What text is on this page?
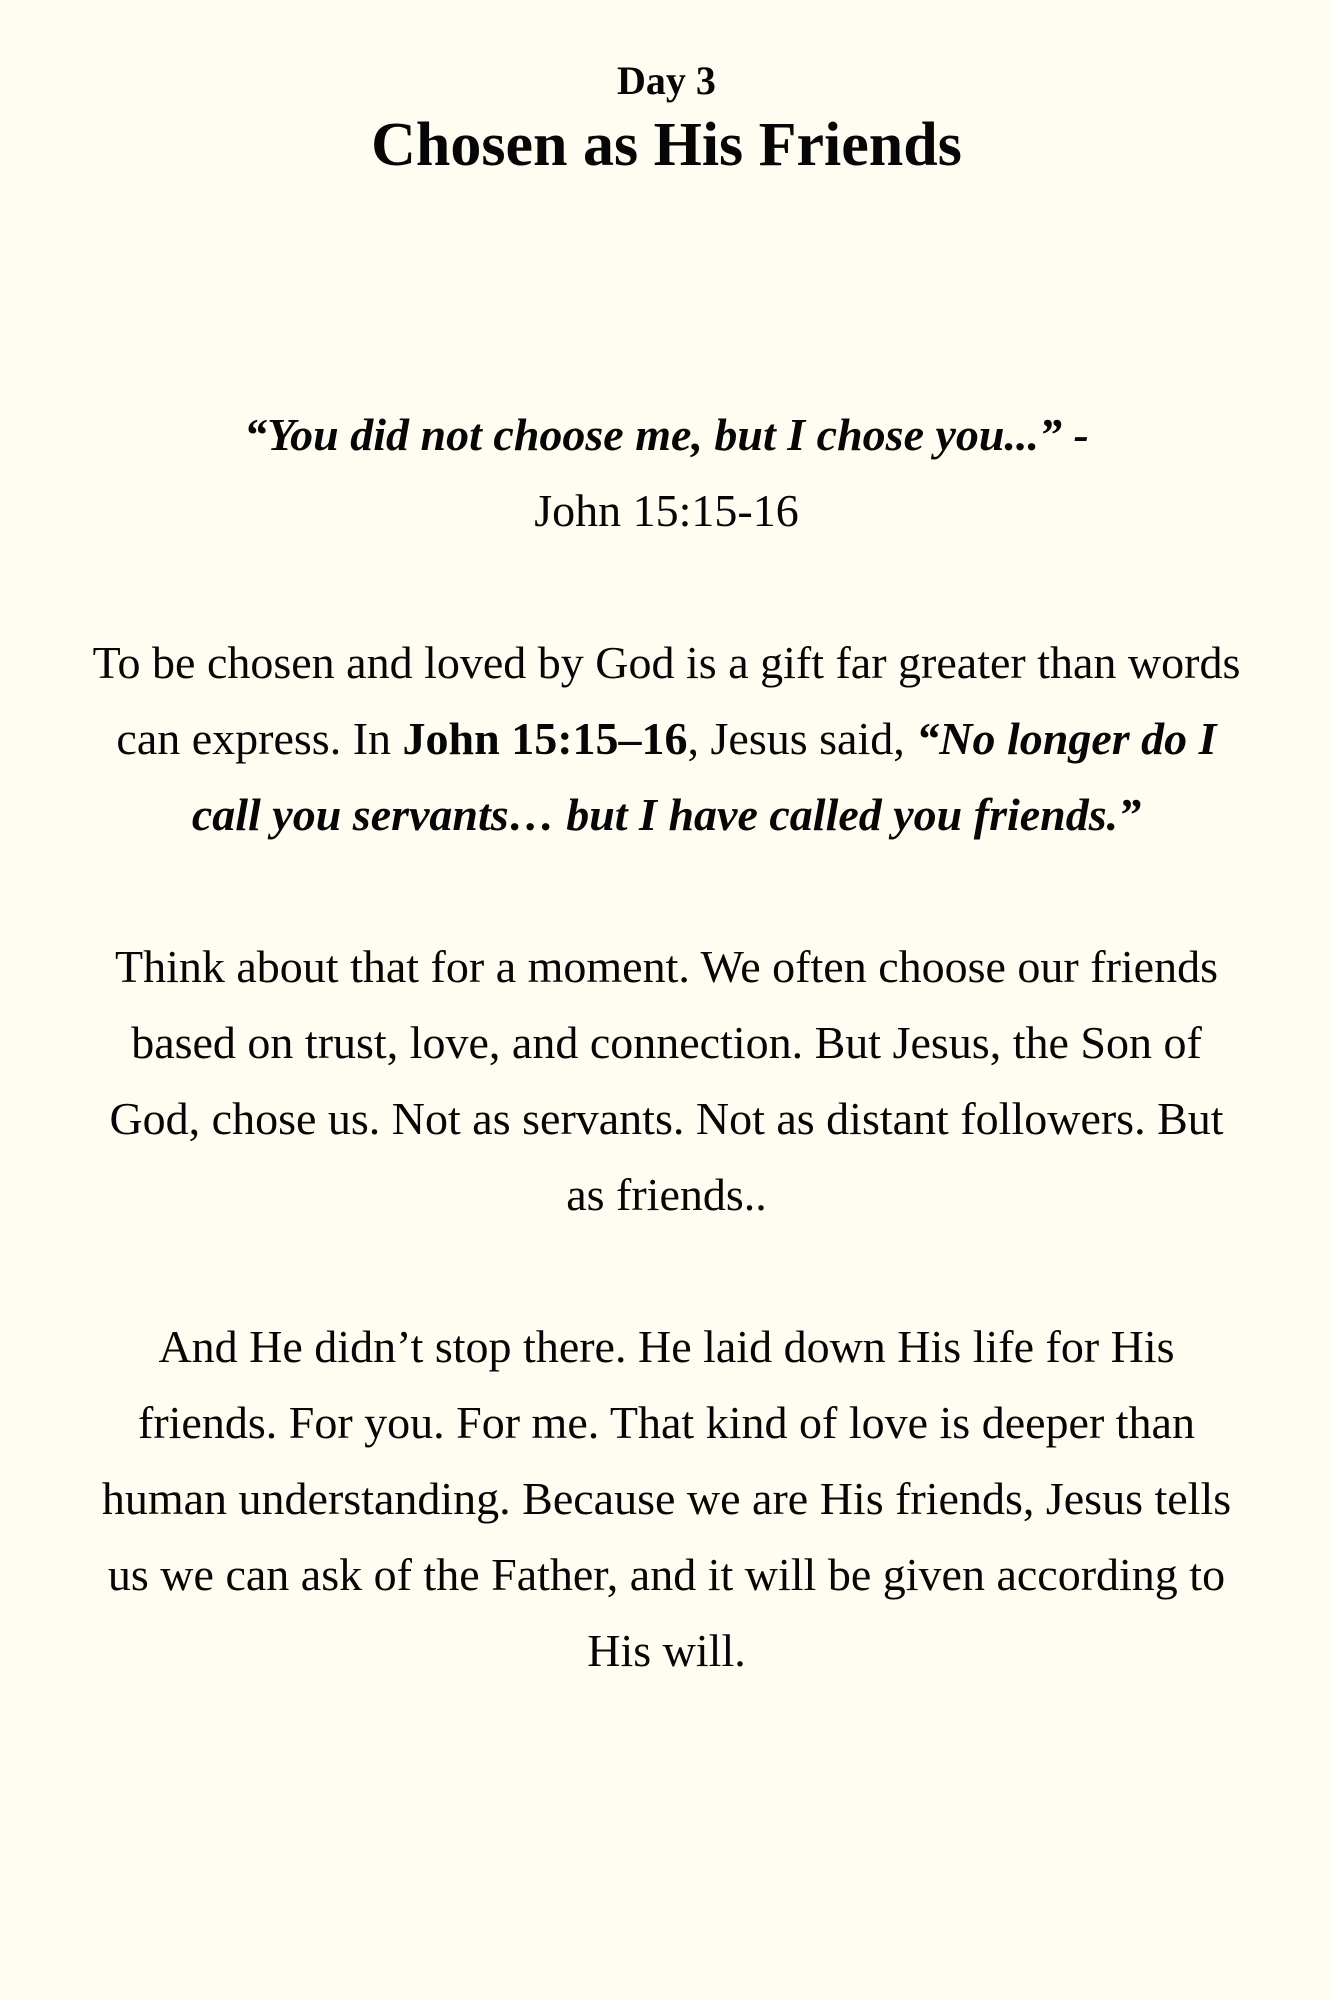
Day 3
Chosen as His Friends

“You did not choose me, but I chose you...” -

John 15:15-16

To be chosen and loved by God is a gift far greater than words can express. In John 15:15–16, Jesus said, “No longer do I call you servants… but I have called you friends.”

Think about that for a moment. We often choose our friends based on trust, love, and connection. But Jesus, the Son of God, chose us. Not as servants. Not as distant followers. But as friends..

And He didn’t stop there. He laid down His life for His friends. For you. For me. That kind of love is deeper than human understanding. Because we are His friends, Jesus tells us we can ask of the Father, and it will be given according to His will.
